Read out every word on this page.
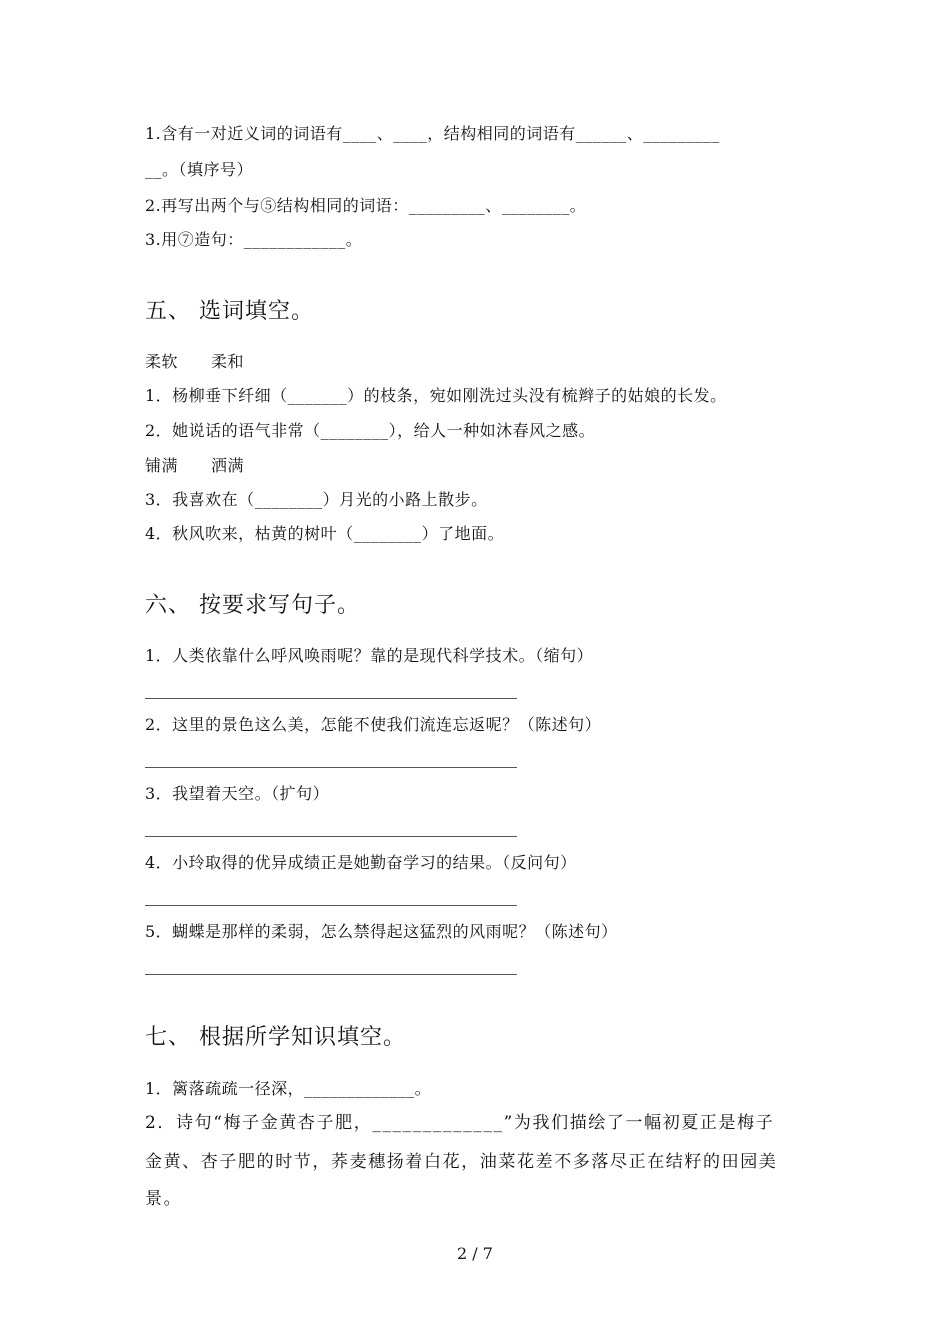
1.含有一对近义词的词语有____、____，结构相同的词语有______、_________
__。（填序号）
2.再写出两个与⑤结构相同的词语：_________、________。
3.用⑦造句：____________。
五、 选词填空。
柔软　　柔和
1．杨柳垂下纤细（_______）的枝条，宛如刚洗过头没有梳辫子的姑娘的长发。
2．她说话的语气非常（________），给人一种如沐春风之感。
铺满　　洒满
3．我喜欢在（________）月光的小路上散步。
4．秋风吹来，枯黄的树叶（________）了地面。
六、 按要求写句子。
1．人类依靠什么呼风唤雨呢？靠的是现代科学技术。（缩句）
2．这里的景色这么美，怎能不使我们流连忘返呢？（陈述句）
3．我望着天空。（扩句）
4．小玲取得的优异成绩正是她勤奋学习的结果。（反问句）
5．蝴蝶是那样的柔弱，怎么禁得起这猛烈的风雨呢？（陈述句）
七、 根据所学知识填空。
1．篱落疏疏一径深，_____________。
2．诗句“梅子金黄杏子肥，_____________”为我们描绘了一幅初夏正是梅子
金黄、杏子肥的时节，荞麦穗扬着白花，油菜花差不多落尽正在结籽的田园美
景。
2 / 7
